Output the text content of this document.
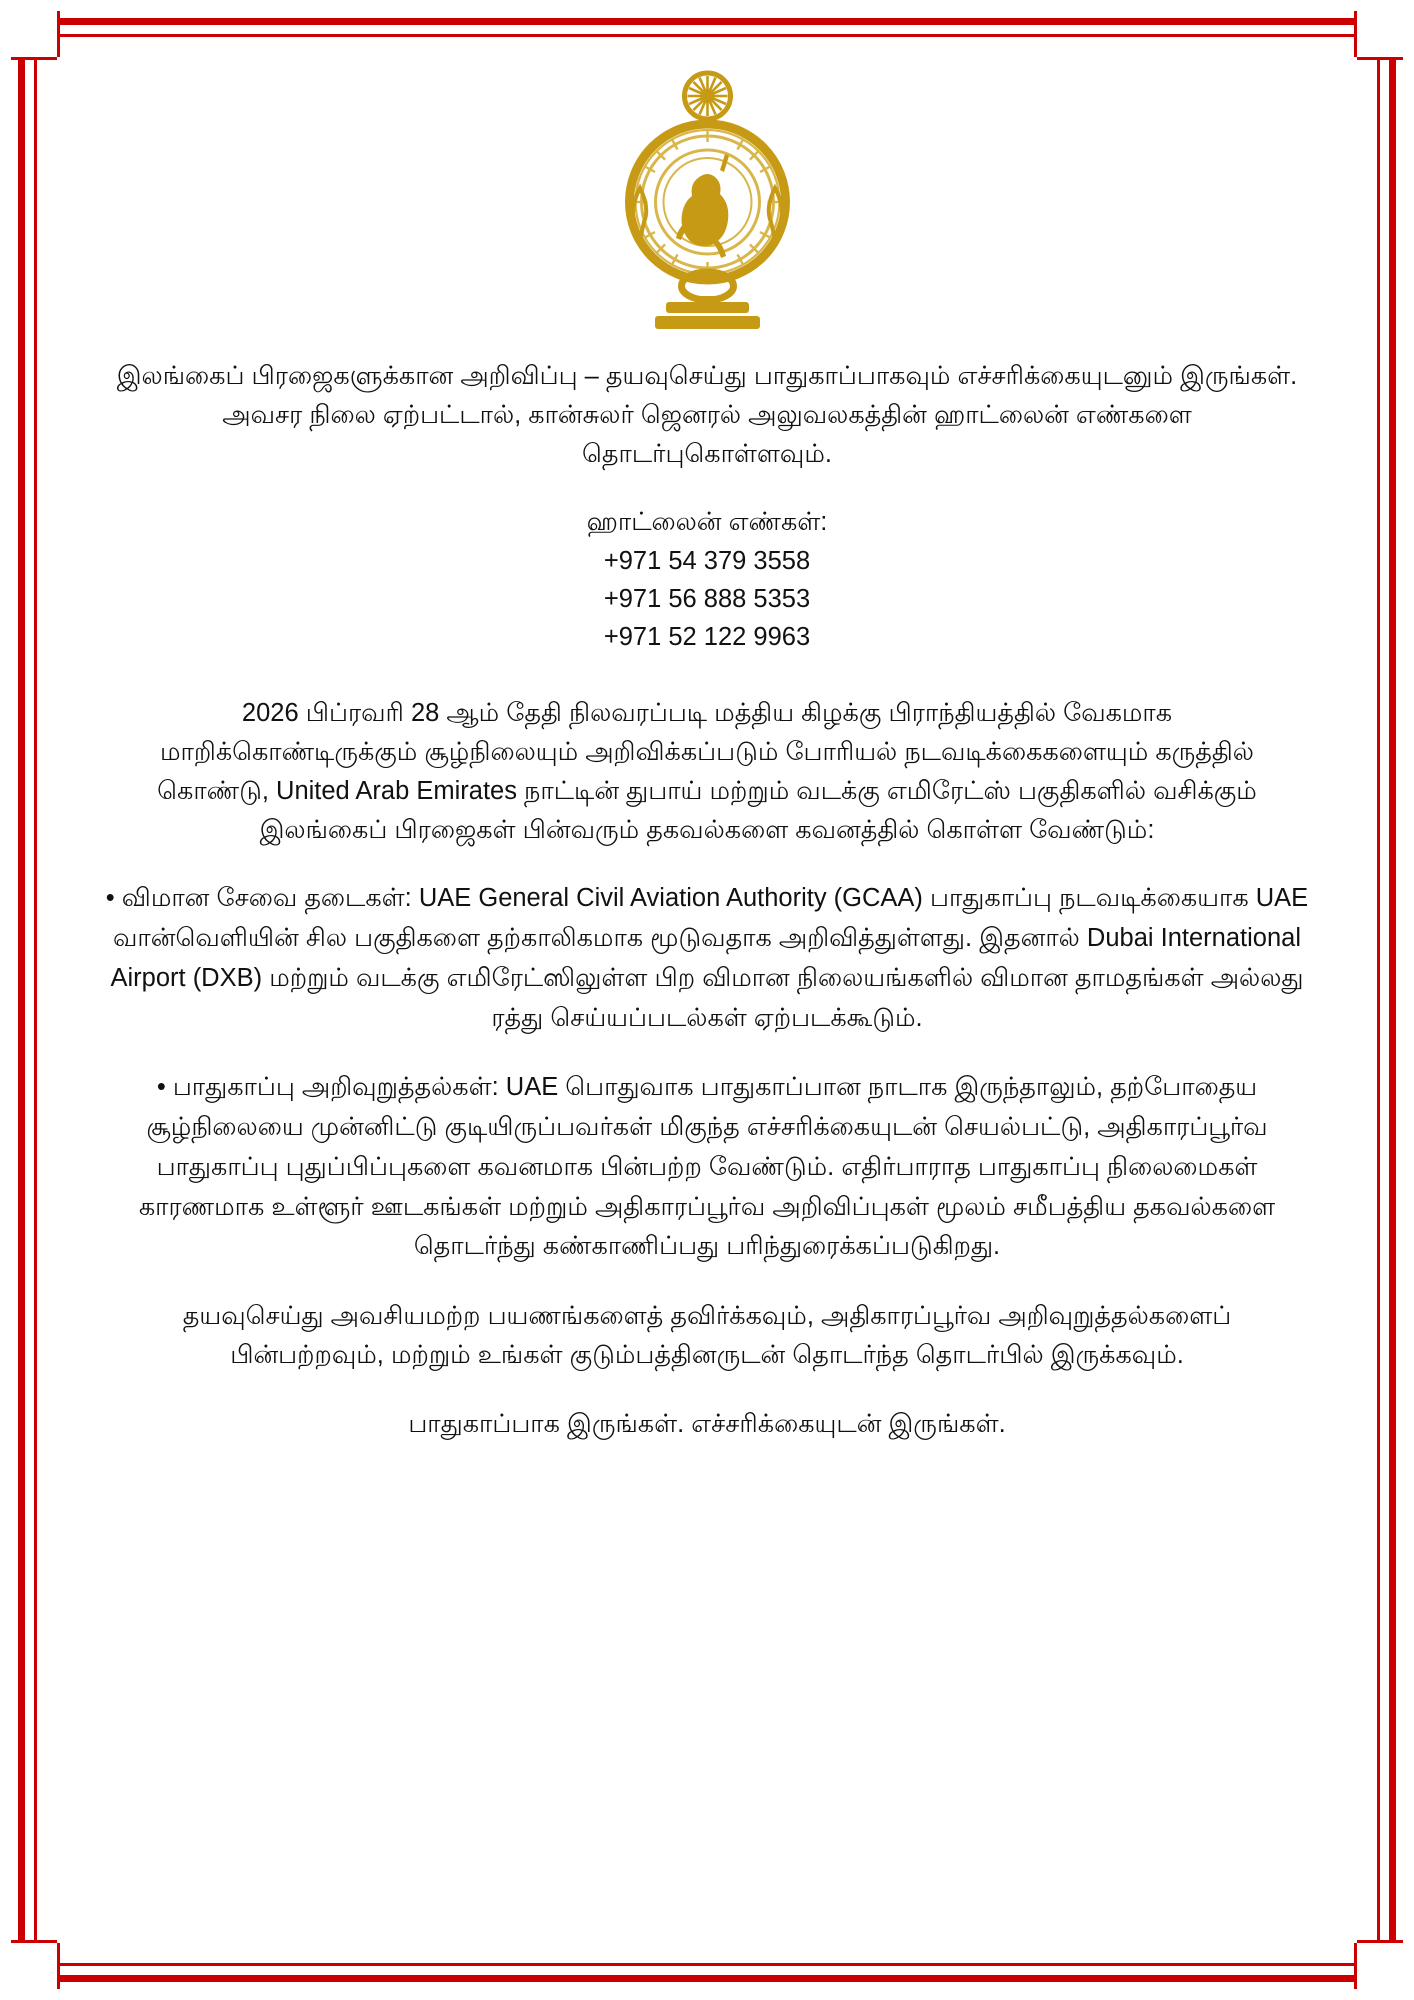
இலங்கைப் பிரஜைகளுக்கான அறிவிப்பு – தயவுசெய்து பாதுகாப்பாகவும் எச்சரிக்கையுடனும் இருங்கள். அவசர நிலை ஏற்பட்டால், கான்சுலர் ஜெனரல் அலுவலகத்தின் ஹாட்லைன் எண்களை தொடர்புகொள்ளவும்.

ஹாட்லைன் எண்கள்:
+971 54 379 3558
+971 56 888 5353
+971 52 122 9963

2026 பிப்ரவரி 28 ஆம் தேதி நிலவரப்படி மத்திய கிழக்கு பிராந்தியத்தில் வேகமாக மாறிக்கொண்டிருக்கும் சூழ்நிலையும் அறிவிக்கப்படும் போரியல் நடவடிக்கைகளையும் கருத்தில் கொண்டு, United Arab Emirates நாட்டின் துபாய் மற்றும் வடக்கு எமிரேட்ஸ் பகுதிகளில் வசிக்கும் இலங்கைப் பிரஜைகள் பின்வரும் தகவல்களை கவனத்தில் கொள்ள வேண்டும்:

• விமான சேவை தடைகள்: UAE General Civil Aviation Authority (GCAA) பாதுகாப்பு நடவடிக்கையாக UAE வான்வெளியின் சில பகுதிகளை தற்காலிகமாக மூடுவதாக அறிவித்துள்ளது. இதனால் Dubai International Airport (DXB) மற்றும் வடக்கு எமிரேட்ஸிலுள்ள பிற விமான நிலையங்களில் விமான தாமதங்கள் அல்லது ரத்து செய்யப்படல்கள் ஏற்படக்கூடும்.

• பாதுகாப்பு அறிவுறுத்தல்கள்: UAE பொதுவாக பாதுகாப்பான நாடாக இருந்தாலும், தற்போதைய சூழ்நிலையை முன்னிட்டு குடியிருப்பவர்கள் மிகுந்த எச்சரிக்கையுடன் செயல்பட்டு, அதிகாரப்பூர்வ பாதுகாப்பு புதுப்பிப்புகளை கவனமாக பின்பற்ற வேண்டும். எதிர்பாராத பாதுகாப்பு நிலைமைகள் காரணமாக உள்ளூர் ஊடகங்கள் மற்றும் அதிகாரப்பூர்வ அறிவிப்புகள் மூலம் சமீபத்திய தகவல்களை தொடர்ந்து கண்காணிப்பது பரிந்துரைக்கப்படுகிறது.

தயவுசெய்து அவசியமற்ற பயணங்களைத் தவிர்க்கவும், அதிகாரப்பூர்வ அறிவுறுத்தல்களைப் பின்பற்றவும், மற்றும் உங்கள் குடும்பத்தினருடன் தொடர்ந்த தொடர்பில் இருக்கவும்.

பாதுகாப்பாக இருங்கள். எச்சரிக்கையுடன் இருங்கள்.
